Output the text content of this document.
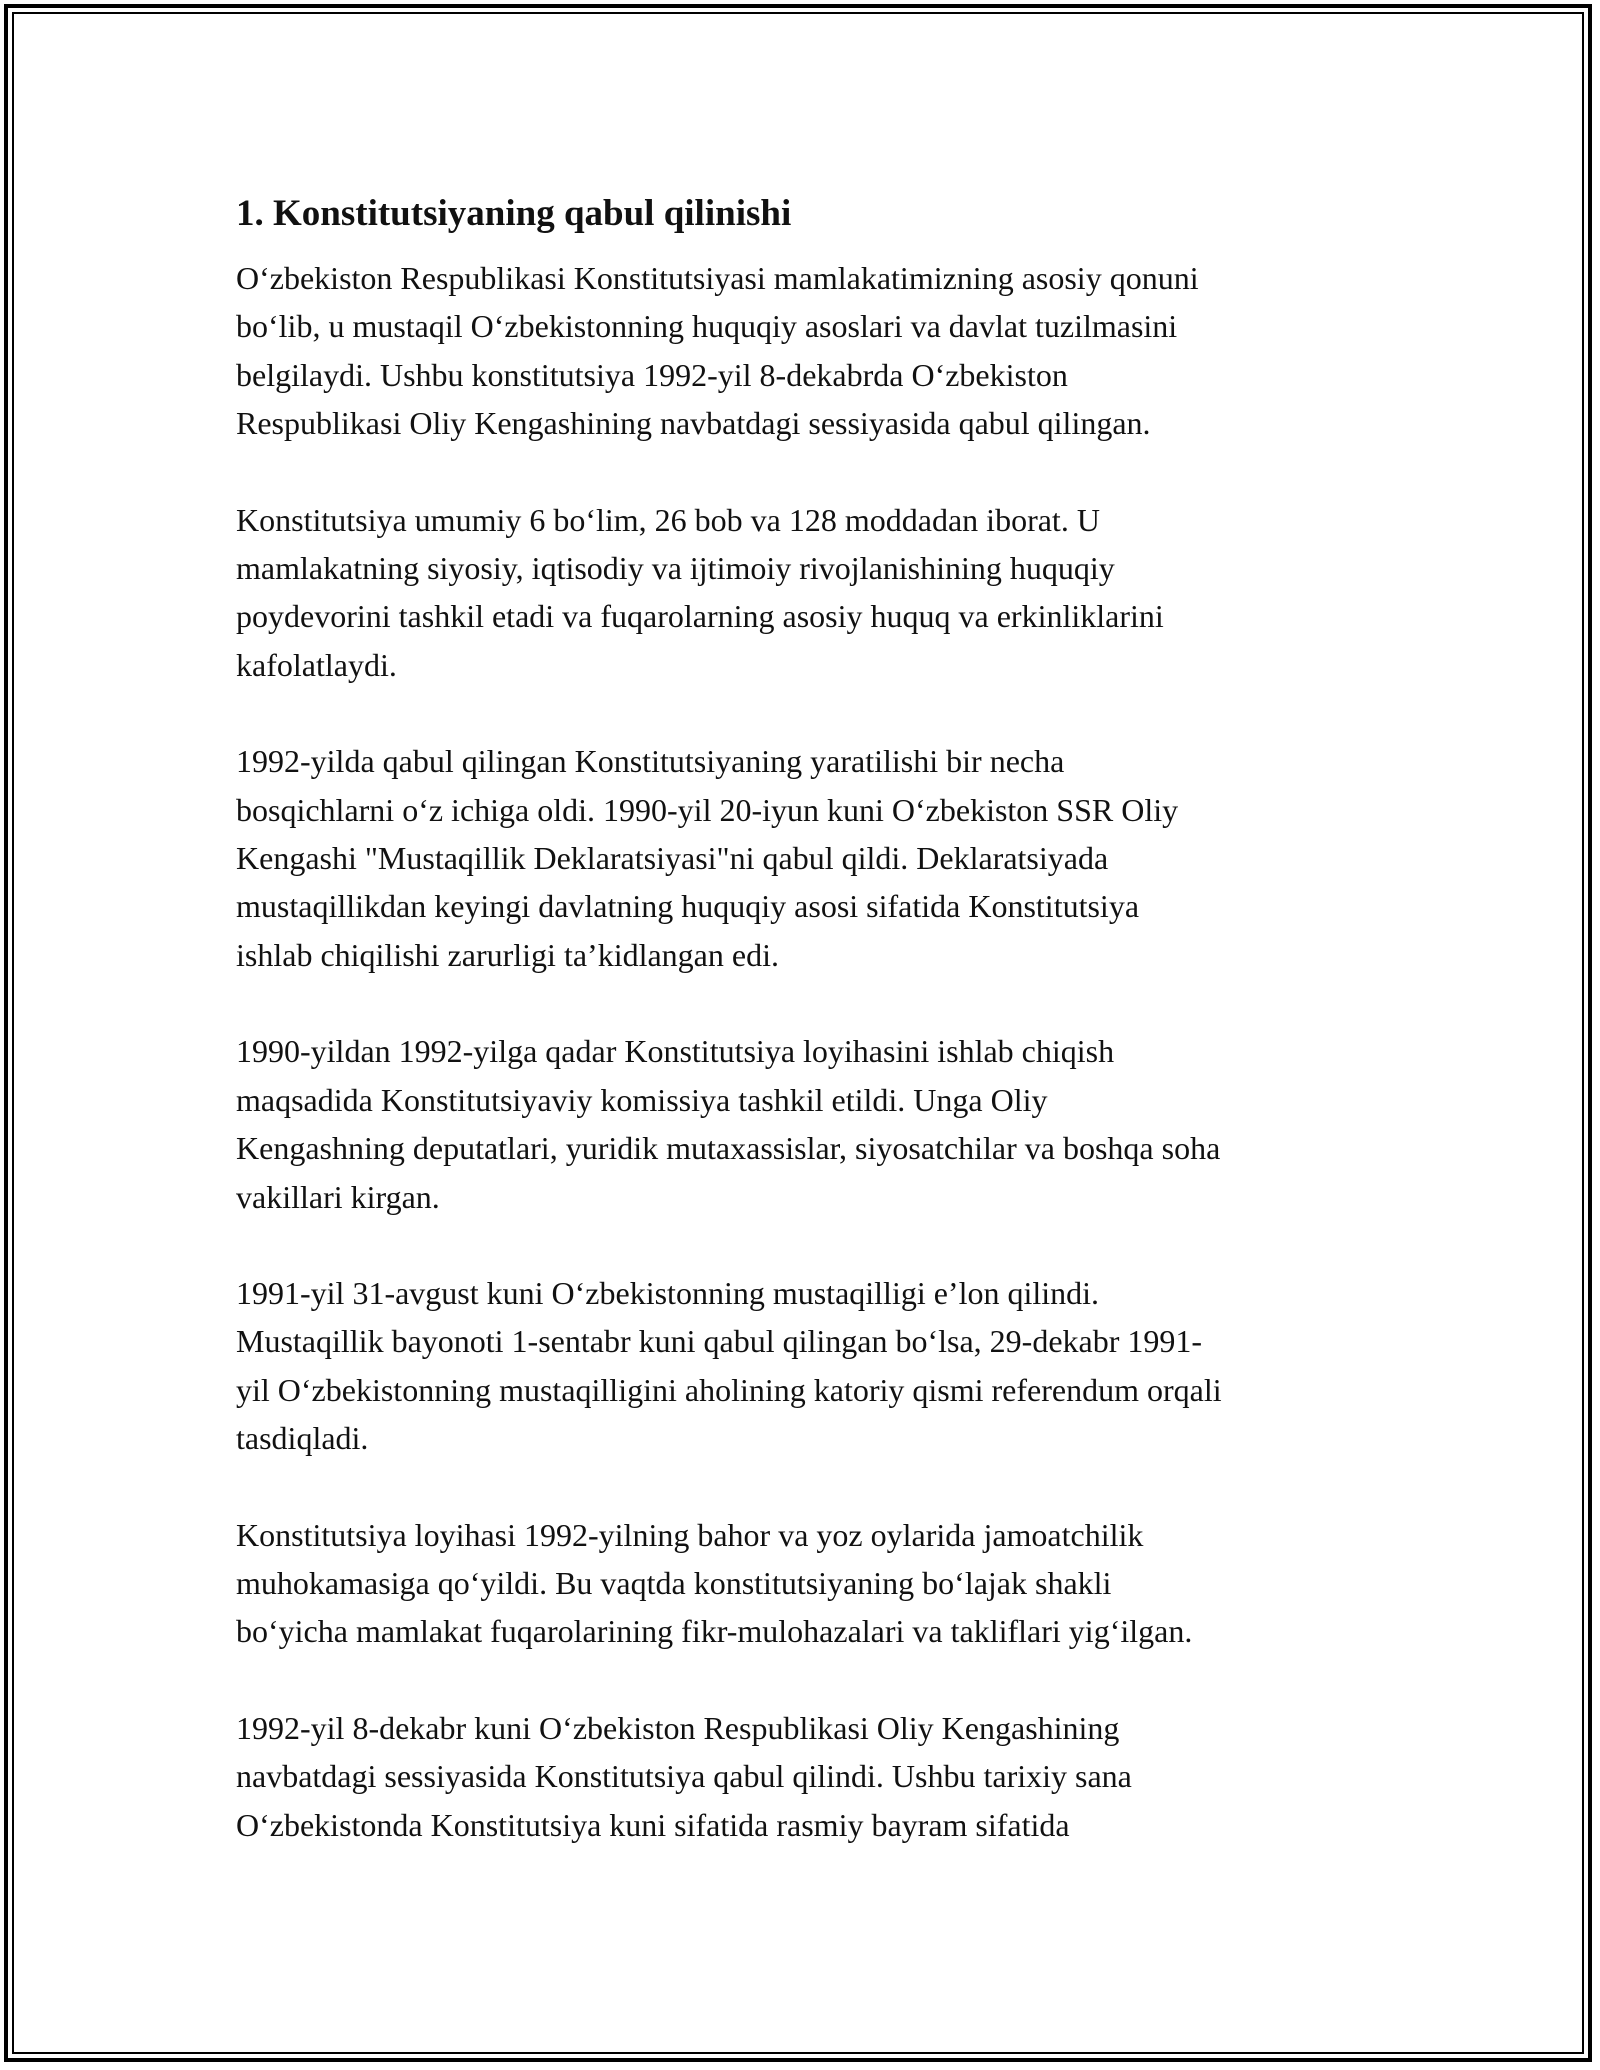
1. Konstitutsiyaning qabul qilinishi
O‘zbekiston Respublikasi Konstitutsiyasi mamlakatimizning asosiy qonuni
bo‘lib, u mustaqil O‘zbekistonning huquqiy asoslari va davlat tuzilmasini
belgilaydi. Ushbu konstitutsiya 1992-yil 8-dekabrda O‘zbekiston
Respublikasi Oliy Kengashining navbatdagi sessiyasida qabul qilingan.
Konstitutsiya umumiy 6 bo‘lim, 26 bob va 128 moddadan iborat. U
mamlakatning siyosiy, iqtisodiy va ijtimoiy rivojlanishining huquqiy
poydevorini tashkil etadi va fuqarolarning asosiy huquq va erkinliklarini
kafolatlaydi.
1992-yilda qabul qilingan Konstitutsiyaning yaratilishi bir necha
bosqichlarni o‘z ichiga oldi. 1990-yil 20-iyun kuni O‘zbekiston SSR Oliy
Kengashi "Mustaqillik Deklaratsiyasi"ni qabul qildi. Deklaratsiyada
mustaqillikdan keyingi davlatning huquqiy asosi sifatida Konstitutsiya
ishlab chiqilishi zarurligi ta’kidlangan edi.
1990-yildan 1992-yilga qadar Konstitutsiya loyihasini ishlab chiqish
maqsadida Konstitutsiyaviy komissiya tashkil etildi. Unga Oliy
Kengashning deputatlari, yuridik mutaxassislar, siyosatchilar va boshqa soha
vakillari kirgan.
1991-yil 31-avgust kuni O‘zbekistonning mustaqilligi e’lon qilindi.
Mustaqillik bayonoti 1-sentabr kuni qabul qilingan bo‘lsa, 29-dekabr 1991-
yil O‘zbekistonning mustaqilligini aholining katoriy qismi referendum orqali
tasdiqladi.
Konstitutsiya loyihasi 1992-yilning bahor va yoz oylarida jamoatchilik
muhokamasiga qo‘yildi. Bu vaqtda konstitutsiyaning bo‘lajak shakli
bo‘yicha mamlakat fuqarolarining fikr-mulohazalari va takliflari yig‘ilgan.
1992-yil 8-dekabr kuni O‘zbekiston Respublikasi Oliy Kengashining
navbatdagi sessiyasida Konstitutsiya qabul qilindi. Ushbu tarixiy sana
O‘zbekistonda Konstitutsiya kuni sifatida rasmiy bayram sifatida
